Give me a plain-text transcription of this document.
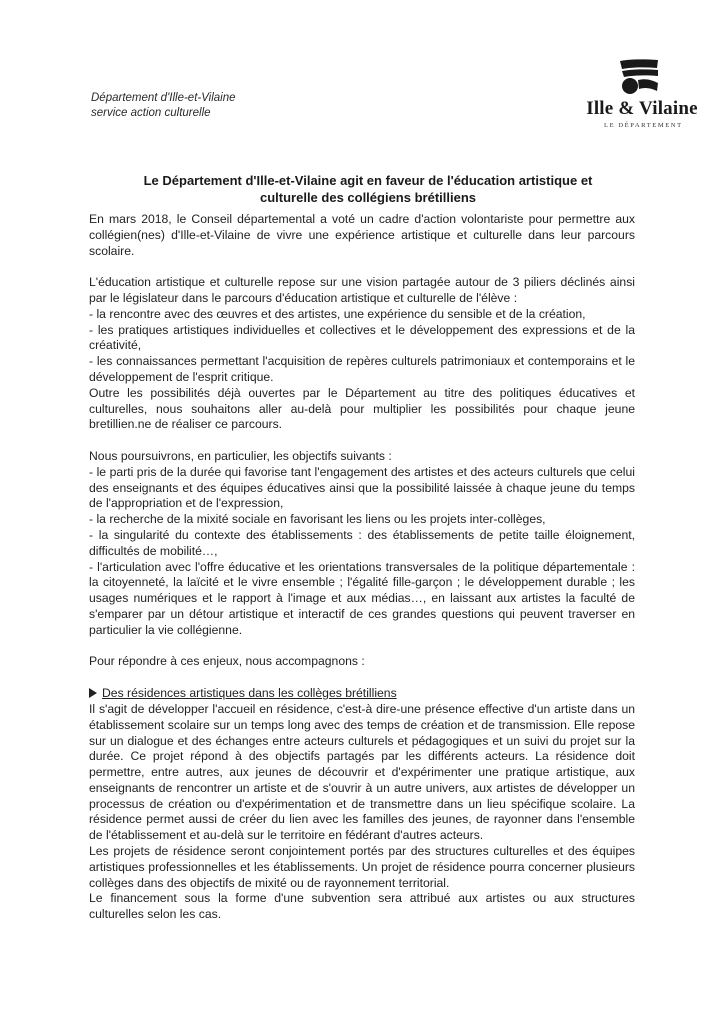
Département d'Ille-et-Vilaine
service action culturelle	Ille & Vilaine
LE DÉPARTEMENT
Le Département d'Ille-et-Vilaine agit en faveur de l'éducation artistique et culturelle des collégiens brétilliens

En mars 2018, le Conseil départemental a voté un cadre d'action volontariste pour permettre aux collégien(nes) d'Ille-et-Vilaine de vivre une expérience artistique et culturelle dans leur parcours scolaire.

L'éducation artistique et culturelle repose sur une vision partagée autour de 3 piliers déclinés ainsi par le législateur dans le parcours d'éducation artistique et culturelle de l'élève :

- la rencontre avec des œuvres et des artistes, une expérience du sensible et de la création,

- les pratiques artistiques individuelles et collectives et le développement des expressions et de la créativité,

- les connaissances permettant l'acquisition de repères culturels patrimoniaux et contemporains et le développement de l'esprit critique.

Outre les possibilités déjà ouvertes par le Département au titre des politiques éducatives et culturelles, nous souhaitons aller au-delà pour multiplier les possibilités pour chaque jeune bretillien.ne de réaliser ce parcours.

Nous poursuivrons, en particulier, les objectifs suivants :

- le parti pris de la durée qui favorise tant l'engagement des artistes et des acteurs culturels que celui des enseignants et des équipes éducatives ainsi que la possibilité laissée à chaque jeune du temps de l'appropriation et de l'expression,

- la recherche de la mixité sociale en favorisant les liens ou les projets inter-collèges,

- la singularité du contexte des établissements : des établissements de petite taille éloignement, difficultés de mobilité…,

- l'articulation avec l'offre éducative et les orientations transversales de la politique départementale : la citoyenneté, la laïcité et le vivre ensemble ; l'égalité fille-garçon ; le développement durable ; les usages numériques et le rapport à l'image et aux médias…, en laissant aux artistes la faculté de s'emparer par un détour artistique et interactif de ces grandes questions qui peuvent traverser en particulier la vie collégienne.

Pour répondre à ces enjeux, nous accompagnons :

Des résidences artistiques dans les collèges brétilliens

Il s'agit de développer l'accueil en résidence, c'est-à dire-une présence effective d'un artiste dans un établissement scolaire sur un temps long avec des temps de création et de transmission. Elle repose sur un dialogue et des échanges entre acteurs culturels et pédagogiques et un suivi du projet sur la durée. Ce projet répond à des objectifs partagés par les différents acteurs. La résidence doit permettre, entre autres, aux jeunes de découvrir et d'expérimenter une pratique artistique, aux enseignants de rencontrer un artiste et de s'ouvrir à un autre univers, aux artistes de développer un processus de création ou d'expérimentation et de transmettre dans un lieu spécifique scolaire. La résidence permet aussi de créer du lien avec les familles des jeunes, de rayonner dans l'ensemble de l'établissement et au-delà sur le territoire en fédérant d'autres acteurs.

Les projets de résidence seront conjointement portés par des structures culturelles et des équipes artistiques professionnelles et les établissements. Un projet de résidence pourra concerner plusieurs collèges dans des objectifs de mixité ou de rayonnement territorial.

Le financement sous la forme d'une subvention sera attribué aux artistes ou aux structures culturelles selon les cas.
